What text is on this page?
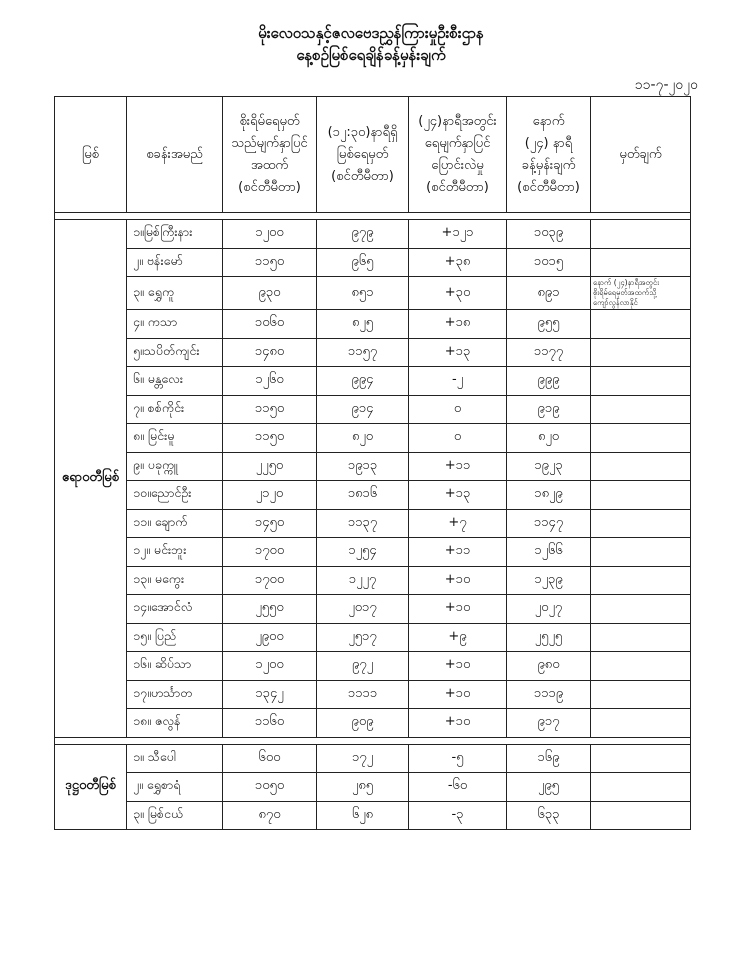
မိုးလေဝသနှင့်ဇလဗေဒညွှန်ကြားမှုဦးစီးဌာန
နေ့စဉ်မြစ်ရေချိန်ခန့်မှန်းချက်
၁၁-၇-၂၀၂၀
မြစ်	စခန်းအမည်	စိုးရိမ်ရေမှတ်
သည်မျက်နှာပြင်
အထက်
(စင်တီမီတာ)	(၁၂:၃၀)နာရီရှိ
မြစ်ရေမှတ်
(စင်တီမီတာ)	(၂၄)နာရီအတွင်း
ရေမျက်နှာပြင်
ပြောင်းလဲမှု
(စင်တီမီတာ)	နောက်
(၂၄) နာရီ
ခန့်မှန်းချက်
(စင်တီမီတာ)	မှတ်ချက်

ဧရာဝတီမြစ်	၁။မြစ်ကြီးနား	၁၂၀၀	၉၇၉	+၁၂၁	၁၀၃၉	
	၂။ ဗန်းမော်	၁၁၅၀	၉၆၅	+၃၈	၁၀၁၅	
	၃။ ရွှေကူ	၉၃၀	၈၅၁	+၃၀	၈၉၁	နောက် (၂၄)နာရီအတွင်း
စိုးရိမ်ရေမှတ်အထက်သို့
ကျော်လွန်လာနိုင်
	၄။ ကသာ	၁၀၆၀	၈၂၅	+၁၈	၉၅၅	
	၅။သပိတ်ကျင်း	၁၄၈၀	၁၁၅၇	+၁၃	၁၁၇၇	
	၆။ မန္တလေး	၁၂၆၀	၉၉၄	-၂	၉၉၉	
	၇။ စစ်ကိုင်း	၁၁၅၀	၉၁၄	၀	၉၁၉	
	၈။ မြင်းမူ	၁၁၅၀	၈၂၀	၀	၈၂၀	
	၉။ ပခုက္ကူ	၂၂၅၀	၁၉၁၃	+၁၁	၁၉၂၃	
	၁၀။ညောင်ဦး	၂၁၂၀	၁၈၁၆	+၁၃	၁၈၂၉	
	၁၁။ ချောက်	၁၄၅၀	၁၁၃၇	+၇	၁၁၄၇	
	၁၂။ မင်းဘူး	၁၇၀၀	၁၂၅၄	+၁၁	၁၂၆၆	
	၁၃။ မကွေး	၁၇၀၀	၁၂၂၇	+၁၀	၁၂၃၉	
	၁၄။အောင်လံ	၂၅၅၀	၂၀၁၇	+၁၀	၂၀၂၇	
	၁၅။ ပြည်	၂၉၀၀	၂၅၁၇	+၉	၂၅၂၅	
	၁၆။ ဆိပ်သာ	၁၂၀၀	၉၇၂	+၁၀	၉၈၀	
	၁၇။ဟင်္သာတ	၁၃၄၂	၁၁၁၁	+၁၀	၁၁၁၉	
	၁၈။ ဇလွန်	၁၁၆၀	၉၀၉	+၁၀	၉၁၇	

ဒုဋ္ဌဝတီမြစ်	၁။ သီပေါ	၆၀၀	၁၇၂	-၅	၁၆၉	
	၂။ ရွှေစာရံ	၁၀၅၀	၂၈၅	-၆၀	၂၉၅	
	၃။ မြစ်ငယ်	၈၇၀	၆၂၈	-၃	၆၃၃	
